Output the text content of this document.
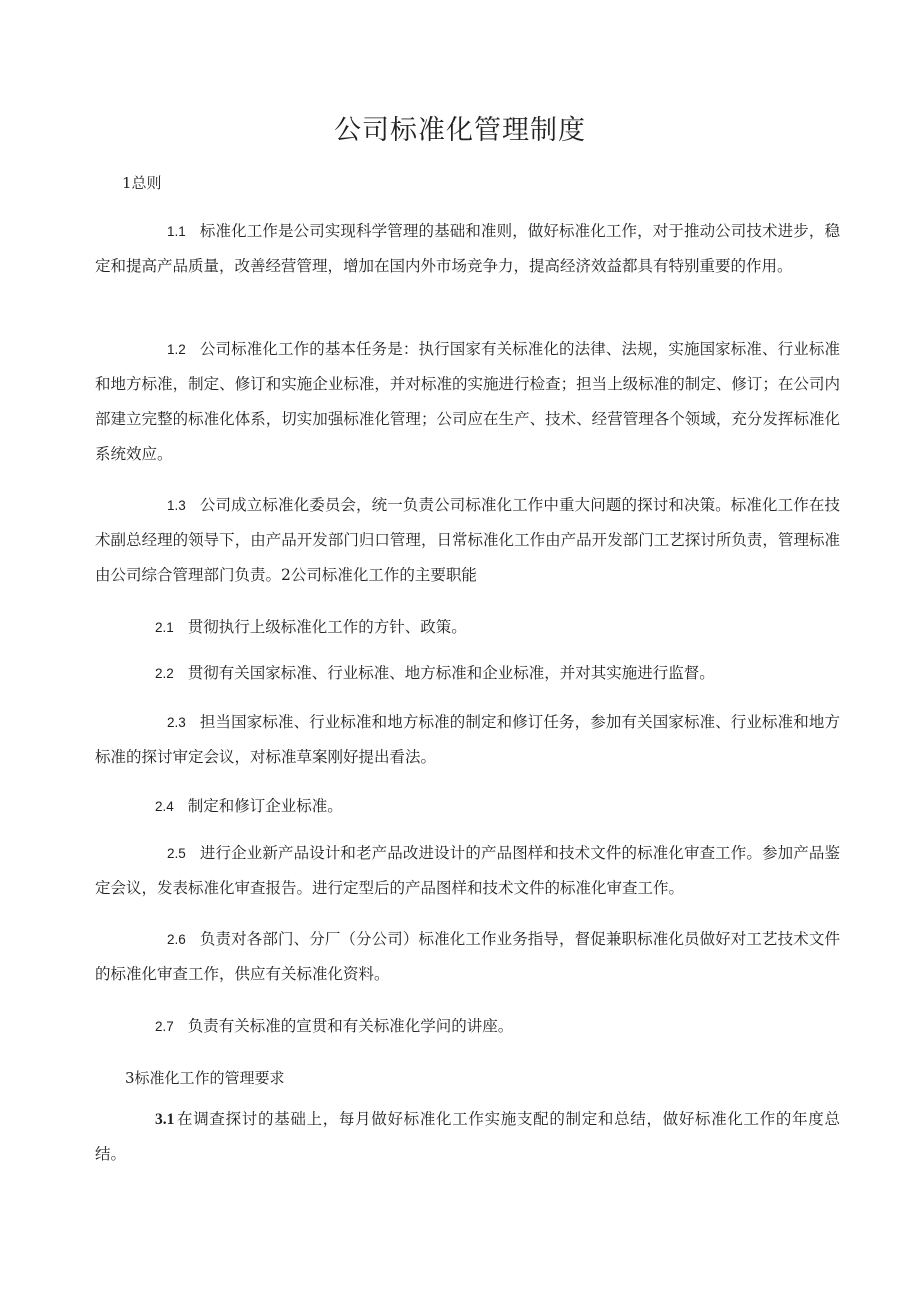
公司标准化管理制度
1总则
1.1 标准化工作是公司实现科学管理的基础和准则，做好标准化工作，对于推动公司技术进步，稳定和提高产品质量，改善经营管理，增加在国内外市场竞争力，提高经济效益都具有特别重要的作用。
1.2 公司标准化工作的基本任务是：执行国家有关标准化的法律、法规，实施国家标准、行业标准和地方标准，制定、修订和实施企业标准，并对标准的实施进行检查；担当上级标准的制定、修订；在公司内部建立完整的标准化体系，切实加强标准化管理；公司应在生产、技术、经营管理各个领域，充分发挥标准化系统效应。
1.3 公司成立标准化委员会，统一负责公司标准化工作中重大问题的探讨和决策。标准化工作在技术副总经理的领导下，由产品开发部门归口管理，日常标准化工作由产品开发部门工艺探讨所负责，管理标准由公司综合管理部门负责。2公司标准化工作的主要职能
2.1 贯彻执行上级标准化工作的方针、政策。
2.2 贯彻有关国家标准、行业标准、地方标准和企业标准，并对其实施进行监督。
2.3 担当国家标准、行业标准和地方标准的制定和修订任务，参加有关国家标准、行业标准和地方标准的探讨审定会议，对标准草案刚好提出看法。
2.4 制定和修订企业标准。
2.5 进行企业新产品设计和老产品改进设计的产品图样和技术文件的标准化审查工作。参加产品鉴定会议，发表标准化审查报告。进行定型后的产品图样和技术文件的标准化审查工作。
2.6 负责对各部门、分厂（分公司）标准化工作业务指导，督促兼职标准化员做好对工艺技术文件的标准化审查工作，供应有关标准化资料。
2.7 负责有关标准的宣贯和有关标准化学问的讲座。
3标准化工作的管理要求
3.1 在调查探讨的基础上，每月做好标准化工作实施支配的制定和总结，做好标准化工作的年度总结。
